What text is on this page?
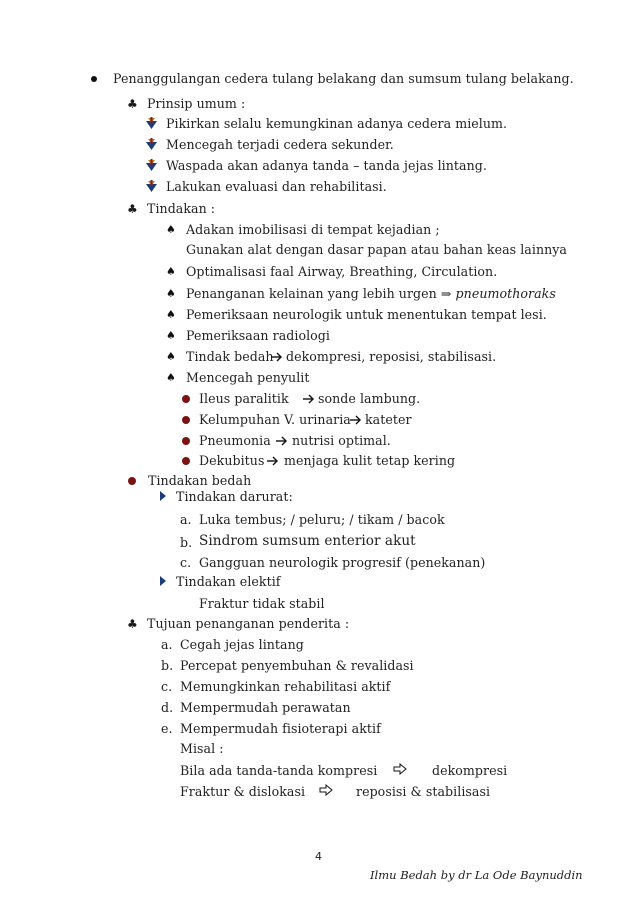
Penanggulangan cedera tulang belakang dan sumsum tulang belakang.
♣ Prinsip umum :
Pikirkan selalu kemungkinan adanya cedera mielum.
Mencegah terjadi cedera sekunder.
Waspada akan adanya tanda – tanda jejas lintang.
Lakukan evaluasi dan rehabilitasi.
♣ Tindakan :
♠ Adakan imobilisasi di tempat kejadian ;
Gunakan alat dengan dasar papan atau bahan keas lainnya
♠ Optimalisasi faal Airway, Breathing, Circulation.
♠ Penanganan kelainan yang lebih urgen ⇒ pneumothoraks
♠ Pemeriksaan neurologik untuk menentukan tempat lesi.
♠ Pemeriksaan radiologi
♠ Tindak bedah dekompresi, reposisi, stabilisasi.
♠ Mencegah penyulit
Ileus paralitik sonde lambung.
Kelumpuhan V. urinaria kateter
Pneumonia nutrisi optimal.
Dekubitus menjaga kulit tetap kering
Tindakan bedah
Tindakan darurat:
a. Luka tembus; / peluru; / tikam / bacok
b. Sindrom sumsum enterior akut
c. Gangguan neurologik progresif (penekanan)
Tindakan elektif
Fraktur tidak stabil
♣ Tujuan penanganan penderita :
a. Cegah jejas lintang
b. Percepat penyembuhan & revalidasi
c. Memungkinkan rehabilitasi aktif
d. Mempermudah perawatan
e. Mempermudah fisioterapi aktif
Misal :
Bila ada tanda-tanda kompresi	dekompresi
Fraktur & dislokasi	reposisi & stabilisasi
4
Ilmu Bedah by dr La Ode Baynuddin
